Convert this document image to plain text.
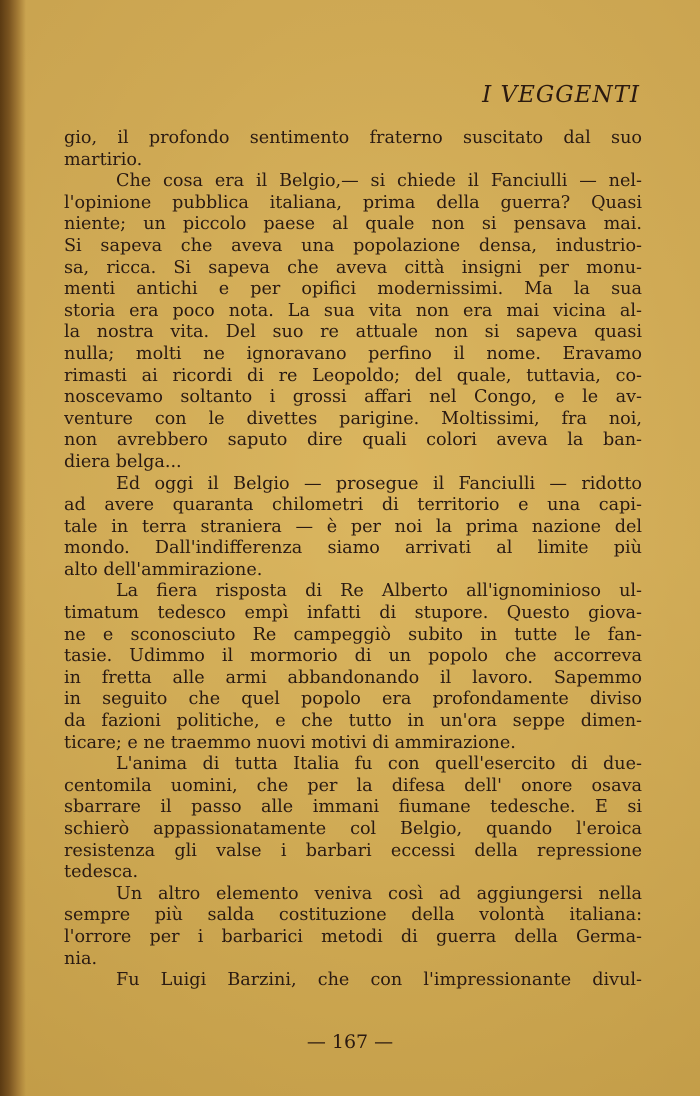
I VEGGENTI
gio, il profondo sentimento fraterno suscitato dal suo
martirio.
Che cosa era il Belgio,— si chiede il Fanciulli — nel-
l'opinione pubblica italiana, prima della guerra? Quasi
niente; un piccolo paese al quale non si pensava mai.
Si sapeva che aveva una popolazione densa, industrio-
sa, ricca. Si sapeva che aveva città insigni per monu-
menti antichi e per opifici modernissimi. Ma la sua
storia era poco nota. La sua vita non era mai vicina al-
la nostra vita. Del suo re attuale non si sapeva quasi
nulla; molti ne ignoravano perfino il nome. Eravamo
rimasti ai ricordi di re Leopoldo; del quale, tuttavia, co-
noscevamo soltanto i grossi affari nel Congo, e le av-
venture con le divettes parigine. Moltissimi, fra noi,
non avrebbero saputo dire quali colori aveva la ban-
diera belga...
Ed oggi il Belgio — prosegue il Fanciulli — ridotto
ad avere quaranta chilometri di territorio e una capi-
tale in terra straniera — è per noi la prima nazione del
mondo. Dall'indifferenza siamo arrivati al limite più
alto dell'ammirazione.
La fiera risposta di Re Alberto all'ignominioso ul-
timatum tedesco empì infatti di stupore. Questo giova-
ne e sconosciuto Re campeggiò subito in tutte le fan-
tasie. Udimmo il mormorio di un popolo che accorreva
in fretta alle armi abbandonando il lavoro. Sapemmo
in seguito che quel popolo era profondamente diviso
da fazioni politiche, e che tutto in un'ora seppe dimen-
ticare; e ne traemmo nuovi motivi di ammirazione.
L'anima di tutta Italia fu con quell'esercito di due-
centomila uomini, che per la difesa dell' onore osava
sbarrare il passo alle immani fiumane tedesche. E si
schierò appassionatamente col Belgio, quando l'eroica
resistenza gli valse i barbari eccessi della repressione
tedesca.
Un altro elemento veniva così ad aggiungersi nella
sempre più salda costituzione della volontà italiana:
l'orrore per i barbarici metodi di guerra della Germa-
nia.
Fu Luigi Barzini, che con l'impressionante divul-
— 167 —
